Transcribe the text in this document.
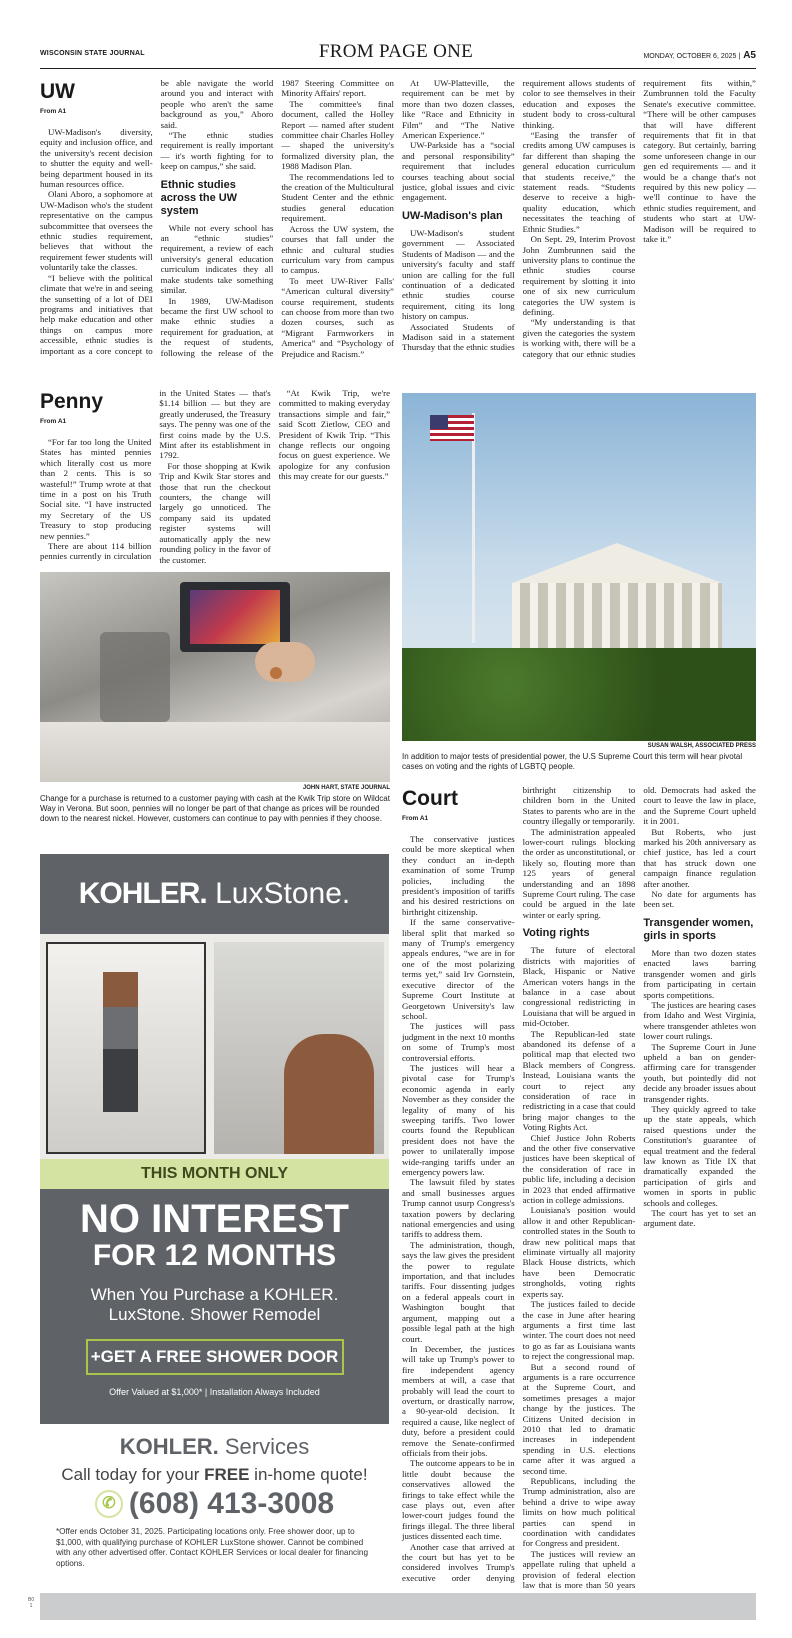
WISCONSIN STATE JOURNAL	FROM PAGE ONE	MONDAY, OCTOBER 6, 2025 | A5
UW
From A1

UW-Madison's diversity, equity and inclusion office, and the university's recent decision to shutter the equity and well-being department housed in its human resources office.

Olani Aboro, a sophomore at UW-Madison who's the student representative on the campus subcommittee that oversees the ethnic studies requirement, believes that without the requirement fewer students will voluntarily take the classes.

“I believe with the political climate that we're in and seeing the sunsetting of a lot of DEI programs and initiatives that help make education and other things on campus more accessible, ethnic studies is important as a core concept to be able navigate the world around you and interact with people who aren't the same background as you,” Aboro said.

“The ethnic studies requirement is really important — it's worth fighting for to keep on campus,” she said.

Ethnic studies across the UW system

While not every school has an “ethnic studies” requirement, a review of each university's general education curriculum indicates they all make students take something similar.

In 1989, UW-Madison became the first UW school to make ethnic studies a requirement for graduation, at the request of students, following the release of the 1987 Steering Committee on Minority Affairs' report.

The committee's final document, called the Holley Report — named after student committee chair Charles Holley — shaped the university's formalized diversity plan, the 1988 Madison Plan.

The recommendations led to the creation of the Multicultural Student Center and the ethnic studies general education requirement.

Across the UW system, the courses that fall under the ethnic and cultural studies curriculum vary from campus to campus.

To meet UW-River Falls' “American cultural diversity” course requirement, students can choose from more than two dozen courses, such as “Migrant Farmworkers in America” and “Psychology of Prejudice and Racism.”

At UW-Platteville, the requirement can be met by more than two dozen classes, like “Race and Ethnicity in Film” and “The Native American Experience.”

UW-Parkside has a “social and personal responsibility” requirement that includes courses teaching about social justice, global issues and civic engagement.

UW-Madison's plan

UW-Madison's student government — Associated Students of Madison — and the university's faculty and staff union are calling for the full continuation of a dedicated ethnic studies course requirement, citing its long history on campus.

Associated Students of Madison said in a statement Thursday that the ethnic studies requirement allows students of color to see themselves in their education and exposes the student body to cross-cultural thinking.

“Easing the transfer of credits among UW campuses is far different than shaping the general education curriculum that students receive,” the statement reads. “Students deserve to receive a high-quality education, which necessitates the teaching of Ethnic Studies.”

On Sept. 29, Interim Provost John Zumbrunnen said the university plans to continue the ethnic studies course requirement by slotting it into one of six new curriculum categories the UW system is defining.

“My understanding is that given the categories the system is working with, there will be a category that our ethnic studies requirement fits within,” Zumbrunnen told the Faculty Senate's executive committee. “There will be other campuses that will have different requirements that fit in that category. But certainly, barring some unforeseen change in our gen ed requirements — and it would be a change that's not required by this new policy — we'll continue to have the ethnic studies requirement, and students who start at UW-Madison will be required to take it.”

Penny
From A1

“For far too long the United States has minted pennies which literally cost us more than 2 cents. This is so wasteful!” Trump wrote at that time in a post on his Truth Social site. “I have instructed my Secretary of the US Treasury to stop producing new pennies.”

There are about 114 billion pennies currently in circulation in the United States — that's $1.14 billion — but they are greatly underused, the Treasury says. The penny was one of the first coins made by the U.S. Mint after its establishment in 1792.

For those shopping at Kwik Trip and Kwik Star stores and those that run the checkout counters, the change will largely go unnoticed. The company said its updated register systems will automatically apply the new rounding policy in the favor of the customer.

“At Kwik Trip, we're committed to making everyday transactions simple and fair,” said Scott Zietlow, CEO and President of Kwik Trip. “This change reflects our ongoing focus on guest experience. We apologize for any confusion this may create for our guests.”

JOHN HART, STATE JOURNAL
Change for a purchase is returned to a customer paying with cash at the Kwik Trip store on Wildcat Way in Verona. But soon, pennies will no longer be part of that change as prices will be rounded down to the nearest nickel. However, customers can continue to pay with pennies if they choose.
SUSAN WALSH, ASSOCIATED PRESS
In addition to major tests of presidential power, the U.S Supreme Court this term will hear pivotal cases on voting and the rights of LGBTQ people.
Court
From A1

The conservative justices could be more skeptical when they conduct an in-depth examination of some Trump policies, including the president's imposition of tariffs and his desired restrictions on birthright citizenship.

If the same conservative-liberal split that marked so many of Trump's emergency appeals endures, “we are in for one of the most polarizing terms yet,” said Irv Gornstein, executive director of the Supreme Court Institute at Georgetown University's law school.

The justices will pass judgment in the next 10 months on some of Trump's most controversial efforts.

The justices will hear a pivotal case for Trump's economic agenda in early November as they consider the legality of many of his sweeping tariffs. Two lower courts found the Republican president does not have the power to unilaterally impose wide-ranging tariffs under an emergency powers law.

The lawsuit filed by states and small businesses argues Trump cannot usurp Congress's taxation powers by declaring national emergencies and using tariffs to address them.

The administration, though, says the law gives the president the power to regulate importation, and that includes tariffs. Four dissenting judges on a federal appeals court in Washington bought that argument, mapping out a possible legal path at the high court.

In December, the justices will take up Trump's power to fire independent agency members at will, a case that probably will lead the court to overturn, or drastically narrow, a 90-year-old decision. It required a cause, like neglect of duty, before a president could remove the Senate-confirmed officials from their jobs.

The outcome appears to be in little doubt because the conservatives allowed the firings to take effect while the case plays out, even after lower-court judges found the firings illegal. The three liberal justices dissented each time.

Another case that arrived at the court but has yet to be considered involves Trump's executive order denying birthright citizenship to children born in the United States to parents who are in the country illegally or temporarily.

The administration appealed lower-court rulings blocking the order as unconstitutional, or likely so, flouting more than 125 years of general understanding and an 1898 Supreme Court ruling. The case could be argued in the late winter or early spring.

Voting rights

The future of electoral districts with majorities of Black, Hispanic or Native American voters hangs in the balance in a case about congressional redistricting in Louisiana that will be argued in mid-October.

The Republican-led state abandoned its defense of a political map that elected two Black members of Congress. Instead, Louisiana wants the court to reject any consideration of race in redistricting in a case that could bring major changes to the Voting Rights Act.

Chief Justice John Roberts and the other five conservative justices have been skeptical of the consideration of race in public life, including a decision in 2023 that ended affirmative action in college admissions.

Louisiana's position would allow it and other Republican-controlled states in the South to draw new political maps that eliminate virtually all majority Black House districts, which have been Democratic strongholds, voting rights experts say.

The justices failed to decide the case in June after hearing arguments a first time last winter. The court does not need to go as far as Louisiana wants to reject the congressional map.

But a second round of arguments is a rare occurrence at the Supreme Court, and sometimes presages a major change by the justices. The Citizens United decision in 2010 that led to dramatic increases in independent spending in U.S. elections came after it was argued a second time.

Republicans, including the Trump administration, also are behind a drive to wipe away limits on how much political parties can spend in coordination with candidates for Congress and president.

The justices will review an appellate ruling that upheld a provision of federal election law that is more than 50 years old. Democrats had asked the court to leave the law in place, and the Supreme Court upheld it in 2001.

But Roberts, who just marked his 20th anniversary as chief justice, has led a court that has struck down one campaign finance regulation after another.

No date for arguments has been set.

Transgender women, girls in sports

More than two dozen states enacted laws barring transgender women and girls from participating in certain sports competitions.

The justices are hearing cases from Idaho and West Virginia, where transgender athletes won lower court rulings.

The Supreme Court in June upheld a ban on gender-affirming care for transgender youth, but pointedly did not decide any broader issues about transgender rights.

They quickly agreed to take up the state appeals, which raised questions under the Constitution's guarantee of equal treatment and the federal law known as Title IX that dramatically expanded the participation of girls and women in sports in public schools and colleges.

The court has yet to set an argument date.

KOHLER.
LuxStone.
THIS MONTH ONLY
NO INTEREST
FOR 12 MONTHS
When You Purchase a KOHLER.
LuxStone. Shower Remodel
+GET A FREE SHOWER DOOR
Offer Valued at $1,000* | Installation Always Included
KOHLER. Services
Call today for your FREE in-home quote!
✆ (608) 413-3008
*Offer ends October 31, 2025. Participating locations only. Free shower door, up to $1,000, with qualifying purchase of KOHLER LuxStone shower. Cannot be combined with any other advertised offer. Contact KOHLER Services or local dealer for financing options.
B0
1
